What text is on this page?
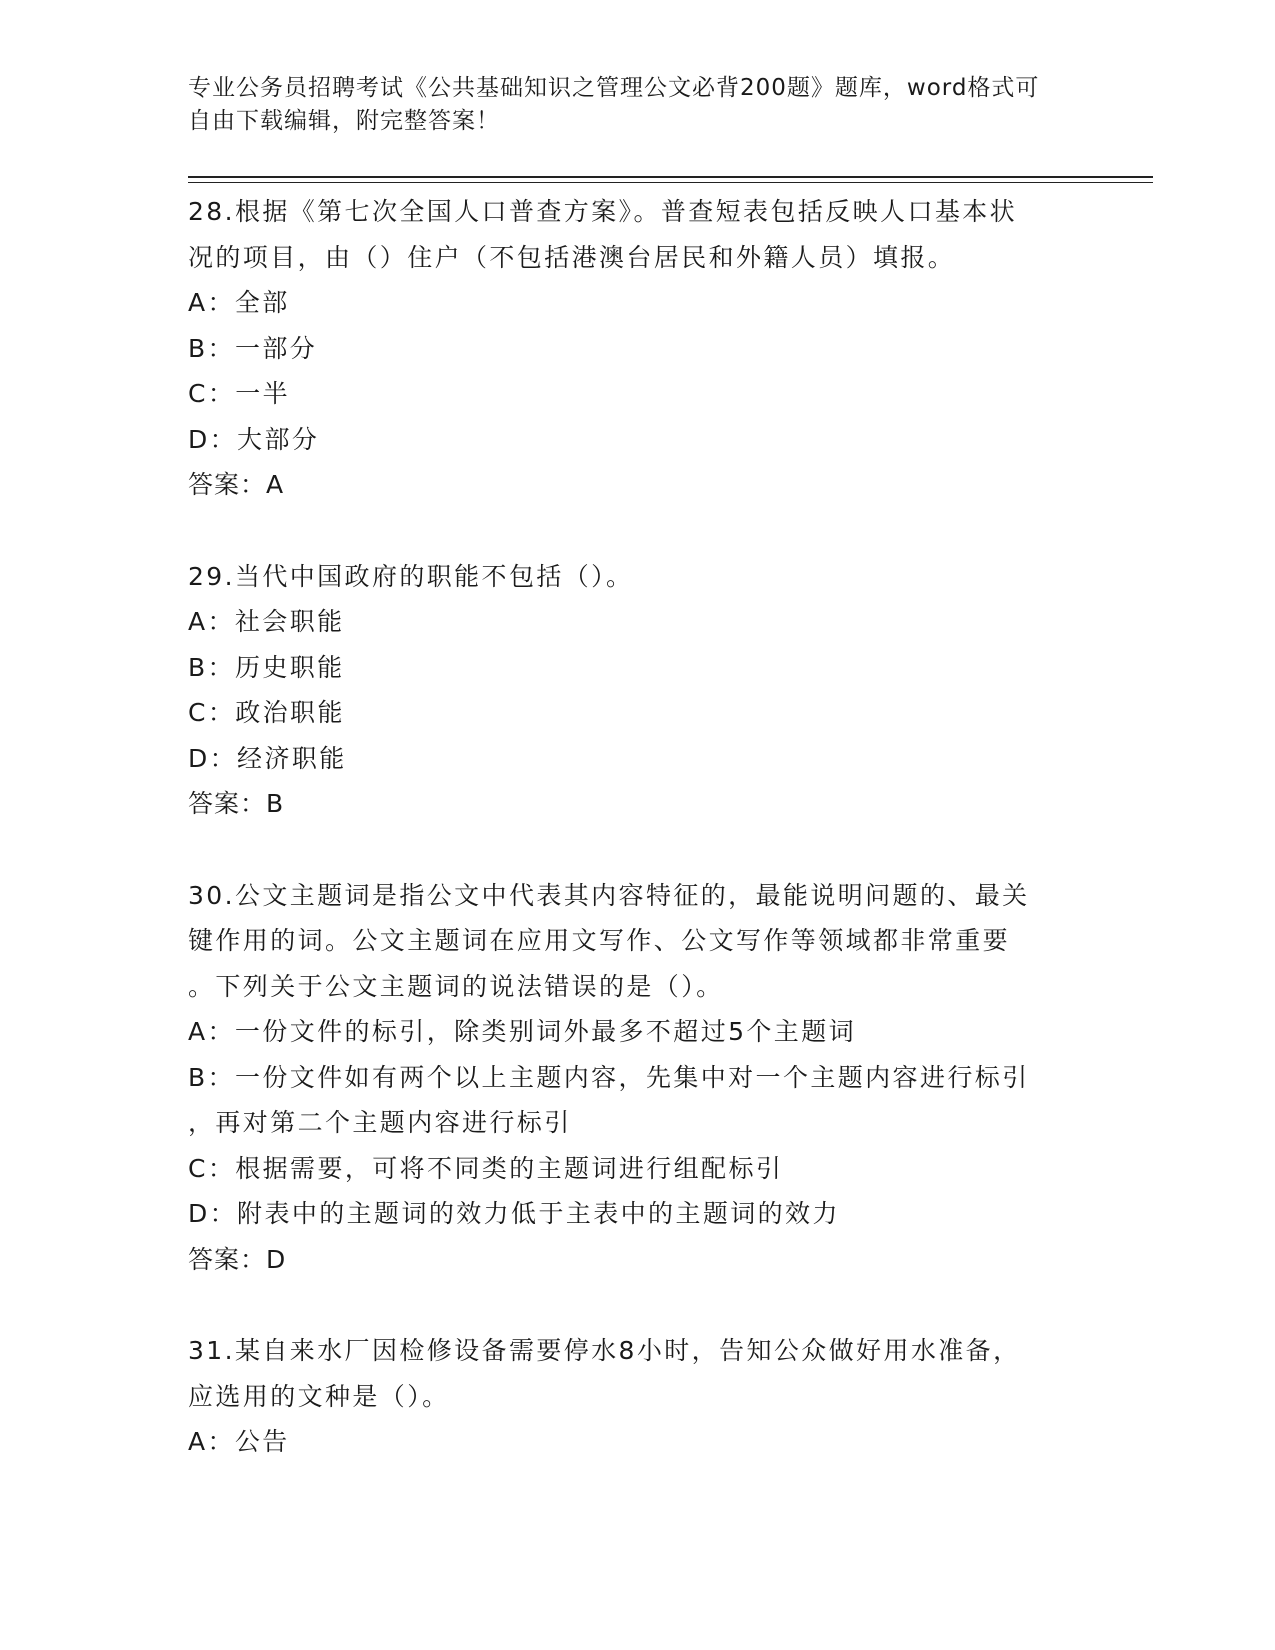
专业公务员招聘考试《公共基础知识之管理公文必背200题》题库，word格式可
自由下载编辑，附完整答案！
28.根据《第七次全国人口普查方案》。普查短表包括反映人口基本状
况的项目，由（）住户（不包括港澳台居民和外籍人员）填报。
A：全部
B：一部分
C：一半
D：大部分
答案：A
29.当代中国政府的职能不包括（）。
A：社会职能
B：历史职能
C：政治职能
D：经济职能
答案：B
30.公文主题词是指公文中代表其内容特征的，最能说明问题的、最关
键作用的词。公文主题词在应用文写作、公文写作等领域都非常重要
。下列关于公文主题词的说法错误的是（）。
A：一份文件的标引，除类别词外最多不超过5个主题词
B：一份文件如有两个以上主题内容，先集中对一个主题内容进行标引
，再对第二个主题内容进行标引
C：根据需要，可将不同类的主题词进行组配标引
D：附表中的主题词的效力低于主表中的主题词的效力
答案：D
31.某自来水厂因检修设备需要停水8小时，告知公众做好用水准备，
应选用的文种是（）。
A：公告
